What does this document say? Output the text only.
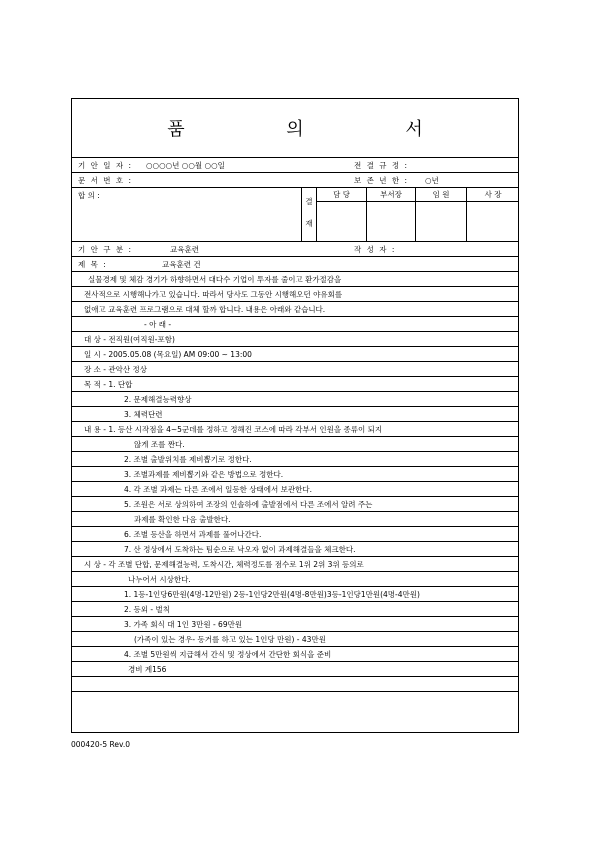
품 의 서
기 안 일 자 : ○○○○년 ○○월 ○○일	전 결 규 정 :
문 서 번 호 :	보 존 년 한 : ○년
합 의 :
결
재
담 당	부서장	임 원	사 장
기 안 구 분 :	교육훈련	작 성 자 :
제 목 :	교육훈련 건
실물경제 및 체감 경기가 하향하면서 대다수 기업이 투자를 줄이고 환가절감을
전사적으로 시행해나가고 있습니다. 따라서 당사도 그동안 시행해오던 야유회를
없애고 교육훈련 프로그램으로 대체 할까 합니다. 내용은 아래와 같습니다.
- 아 래 -
대 상 - 전직원(여직원-포함)
일 시 - 2005.05.08 (목요일) AM 09:00 ~ 13:00
장 소 - 관악산 정상
목 적 - 1. 단합
2. 문제해결능력향상
3. 체력단련
내 용 - 1. 등산 시작점을 4~5군데를 정하고 정해진 코스에 따라 각부서 인원을 종류이 되지
않게 조를 짠다.
2. 조별 출발위치를 제비뽑기로 정한다.
3. 조별과제를 제비뽑기와 같은 방법으로 정한다.
4. 각 조별 과제는 다른 조에서 일등한 상태에서 보관한다.
5. 조원은 서로 상의하여 조장의 인솔하에 출발점에서 다른 조에서 알려 주는
과제를 확인한 다음 출발한다.
6. 조별 등산을 하면서 과제를 풀어나간다.
7. 산 정상에서 도착하는 팀순으로 낙오자 없이 과제해결들을 체크한다.
시 상 - 각 조별 단합, 문제해결능력, 도착시간, 체력정도를 점수로 1위 2위 3위 등의로
나누어서 시상한다.
1. 1등-1인당6만원(4명-12만원) 2등-1인당2만원(4명-8만원)3등-1인당1만원(4명-4만원)
2. 등외 - 벌칙
3. 가족 회식 대 1인 3만원 - 69만원
(가족이 있는 경우- 동거를 하고 있는 1인당 만원) - 43만원
4. 조별 5만원씩 지급해서 간식 및 정상에서 간단한 회식을 준비
경비 계156
000420-5 Rev.0
